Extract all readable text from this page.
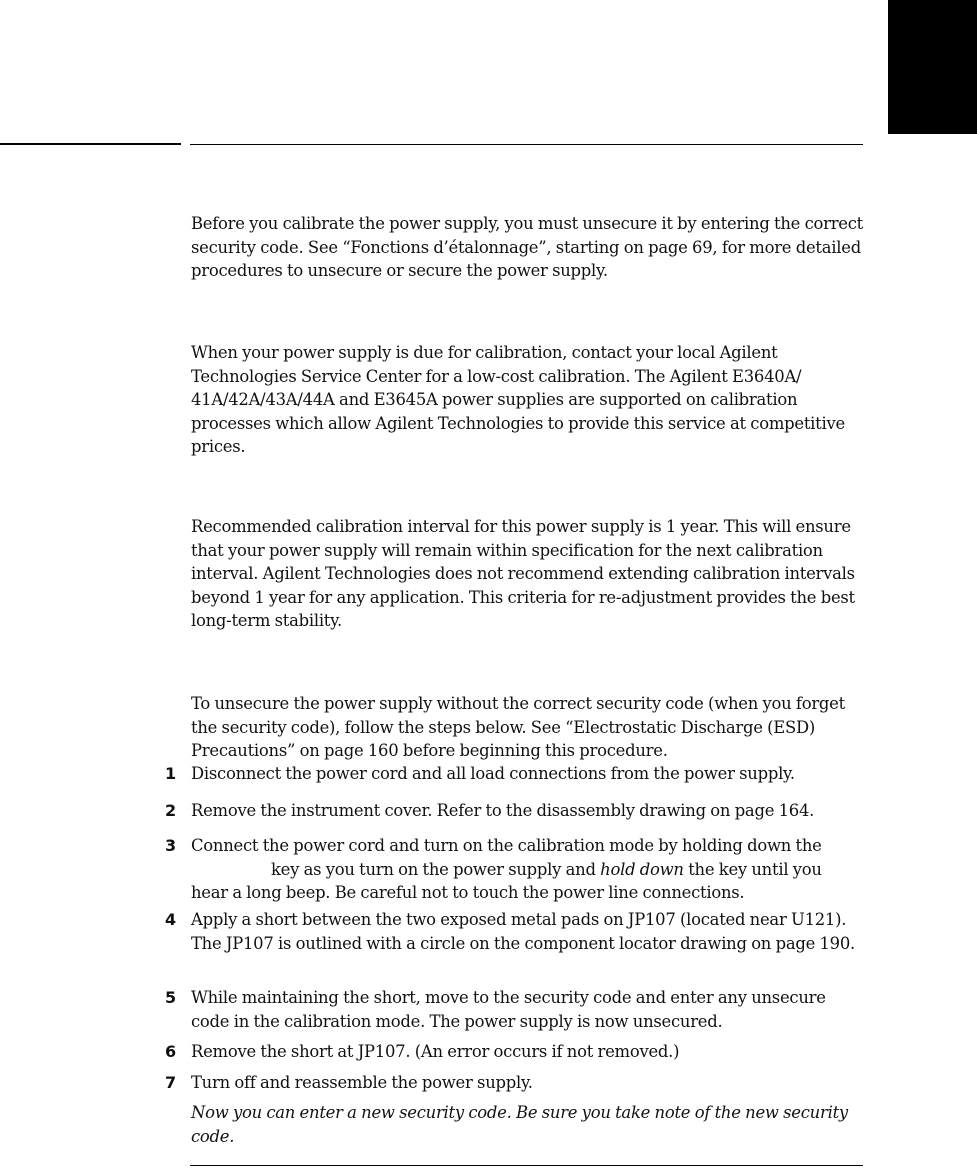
Before you calibrate the power supply, you must unsecure it by entering the correct security code. See “Fonctions d’étalonnage”, starting on page 69, for more detailed procedures to unsecure or secure the power supply.

When your power supply is due for calibration, contact your local Agilent Technologies Service Center for a low-cost calibration. The Agilent E3640A/ 41A/42A/43A/44A and E3645A power supplies are supported on calibration processes which allow Agilent Technologies to provide this service at competitive prices.

Recommended calibration interval for this power supply is 1 year. This will ensure that your power supply will remain within specification for the next calibration interval. Agilent Technologies does not recommend extending calibration intervals beyond 1 year for any application. This criteria for re-adjustment provides the best long-term stability.

To unsecure the power supply without the correct security code (when you forget the security code), follow the steps below. See “Electrostatic Discharge (ESD) Precautions” on page 160 before beginning this procedure.

1 Disconnect the power cord and all load connections from the power supply.
2 Remove the instrument cover. Refer to the disassembly drawing on page 164.
3 Connect the power cord and turn on the calibration mode by holding down the key as you turn on the power supply and hold down the key until you hear a long beep. Be careful not to touch the power line connections.
4 Apply a short between the two exposed metal pads on JP107 (located near U121). The JP107 is outlined with a circle on the component locator drawing on page 190.
5 While maintaining the short, move to the security code and enter any unsecure code in the calibration mode. The power supply is now unsecured.
6 Remove the short at JP107. (An error occurs if not removed.)
7 Turn off and reassemble the power supply.

Now you can enter a new security code. Be sure you take note of the new security code.
